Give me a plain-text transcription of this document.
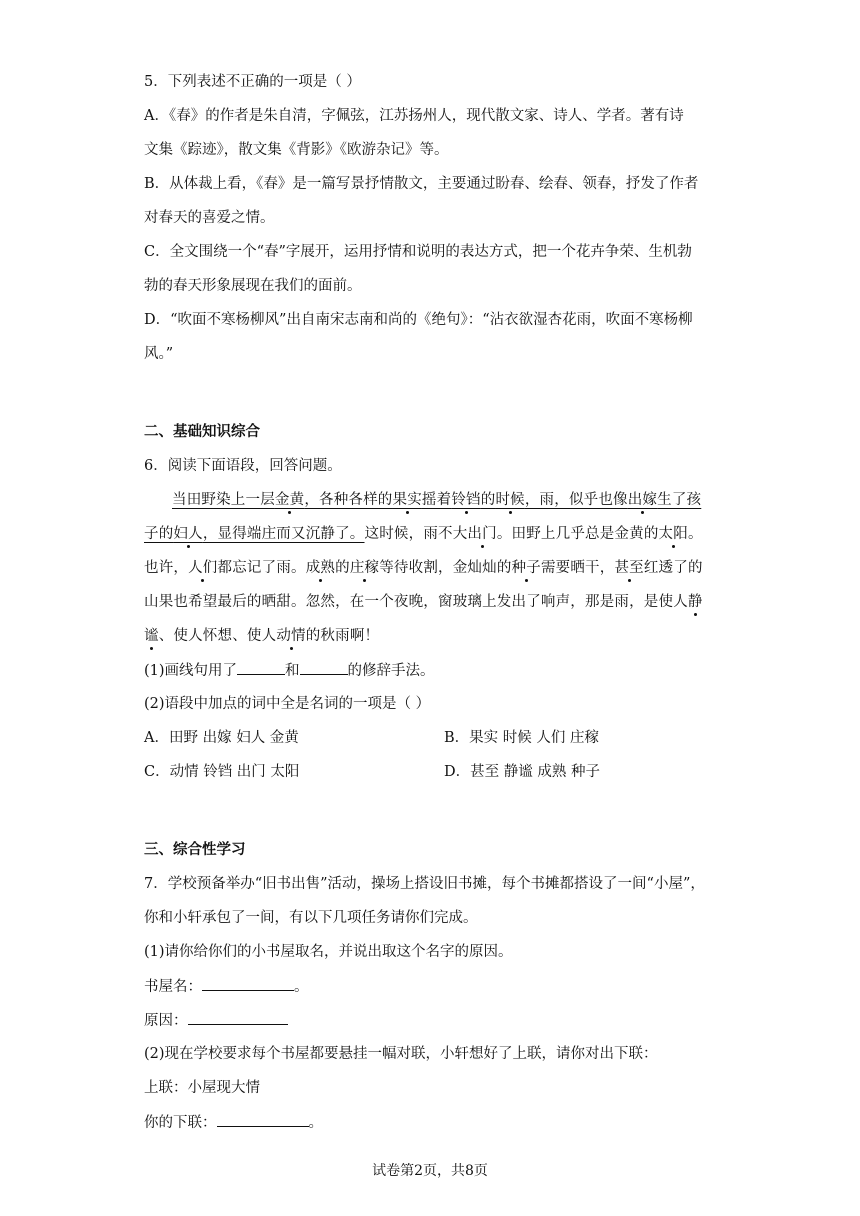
5．下列表述不正确的一项是（ ）
A．《春》的作者是朱自清，字佩弦，江苏扬州人，现代散文家、诗人、学者。著有诗
文集《踪迹》，散文集《背影》《欧游杂记》等。
B．从体裁上看，《春》是一篇写景抒情散文，主要通过盼春、绘春、领春，抒发了作者
对春天的喜爱之情。
C．全文围绕一个“春”字展开，运用抒情和说明的表达方式，把一个花卉争荣、生机勃
勃的春天形象展现在我们的面前。
D．“吹面不寒杨柳风”出自南宋志南和尚的《绝句》：“沾衣欲湿杏花雨，吹面不寒杨柳
风。”
二、基础知识综合
6．阅读下面语段，回答问题。
当田野染上一层金黄，各种各样的果实摇着铃铛的时候，雨，似乎也像出嫁生了孩
子的妇人，显得端庄而又沉静了。这时候，雨不大出门。田野上几乎总是金黄的太阳。
也许，人们都忘记了雨。成熟的庄稼等待收割，金灿灿的种子需要晒干，甚至红透了的
山果也希望最后的晒甜。忽然，在一个夜晚，窗玻璃上发出了响声，那是雨，是使人静
谧、使人怀想、使人动情的秋雨啊！
(1)画线句用了	和	的修辞手法。
(2)语段中加点的词中全是名词的一项是（ ）
A．田野 出嫁 妇人 金黄	B．果实 时候 人们 庄稼
C．动情 铃铛 出门 太阳	D．甚至 静谧 成熟 种子
三、综合性学习
7．学校预备举办“旧书出售”活动，操场上搭设旧书摊，每个书摊都搭设了一间“小屋”，
你和小轩承包了一间，有以下几项任务请你们完成。
(1)请你给你们的小书屋取名，并说出取这个名字的原因。
书屋名：	。
原因：
(2)现在学校要求每个书屋都要悬挂一幅对联，小轩想好了上联，请你对出下联：
上联：小屋现大情
你的下联：	。
试卷第2页，共8页
